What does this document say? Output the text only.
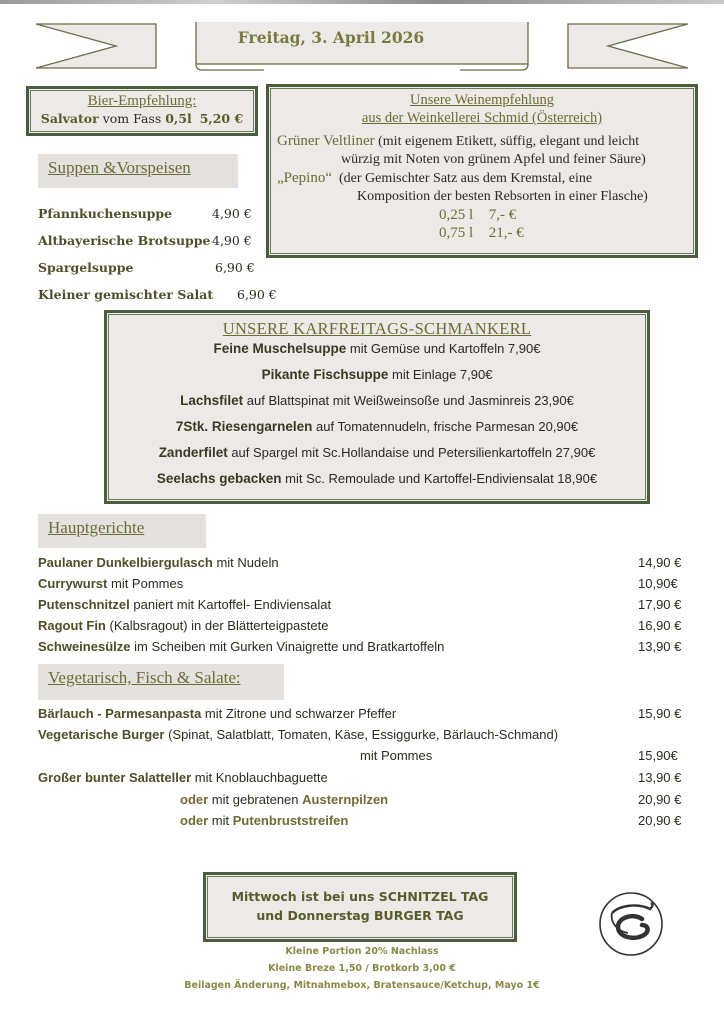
Freitag, 3. April 2026
Bier-Empfehlung:
Salvator vom Fass 0,5l 5,20 €
Unsere Weinempfehlung
aus der Weinkellerei Schmid (Österreich)
Grüner Veltliner (mit eigenem Etikett, süffig, elegant und leicht
würzig mit Noten von grünem Apfel und feiner Säure)
„Pepino“ (der Gemischter Satz aus dem Kremstal, eine
Komposition der besten Rebsorten in einer Flasche)
0,25 l 7,- €
0,75 l 21,- €
Suppen &Vorspeisen
Pfannkuchensuppe	4,90 €
Altbayerische Brotsuppe 4,90 €
Spargelsuppe	6,90 €
Kleiner gemischter Salat 6,90 €
UNSERE KARFREITAGS-SCHMANKERL
Feine Muschelsuppe mit Gemüse und Kartoffeln 7,90€
Pikante Fischsuppe mit Einlage 7,90€
Lachsfilet auf Blattspinat mit Weißweinsoße und Jasminreis 23,90€
7Stk. Riesengarnelen auf Tomatennudeln, frische Parmesan 20,90€
Zanderfilet auf Spargel mit Sc.Hollandaise und Petersilienkartoffeln 27,90€
Seelachs gebacken mit Sc. Remoulade und Kartoffel-Endiviensalat 18,90€
Hauptgerichte
Paulaner Dunkelbiergulasch mit Nudeln	14,90 €
Currywurst mit Pommes	10,90€
Putenschnitzel paniert mit Kartoffel- Endiviensalat	17,90 €
Ragout Fin (Kalbsragout) in der Blätterteigpastete	16,90 €
Schweinesülze im Scheiben mit Gurken Vinaigrette und Bratkartoffeln	13,90 €
Vegetarisch, Fisch & Salate:
Bärlauch - Parmesanpasta mit Zitrone und schwarzer Pfeffer	15,90 €
Vegetarische Burger (Spinat, Salatblatt, Tomaten, Käse, Essiggurke, Bärlauch-Schmand)
mit Pommes	15,90€
Großer bunter Salatteller mit Knoblauchbaguette	13,90 €
oder mit gebratenen Austernpilzen	20,90 €
oder mit Putenbruststreifen	20,90 €
Mittwoch ist bei uns SCHNITZEL TAG
und Donnerstag BURGER TAG
Kleine Portion 20% Nachlass
Kleine Breze 1,50 / Brotkorb 3,00 €
Beilagen Änderung, Mitnahmebox, Bratensauce/Ketchup, Mayo 1€
